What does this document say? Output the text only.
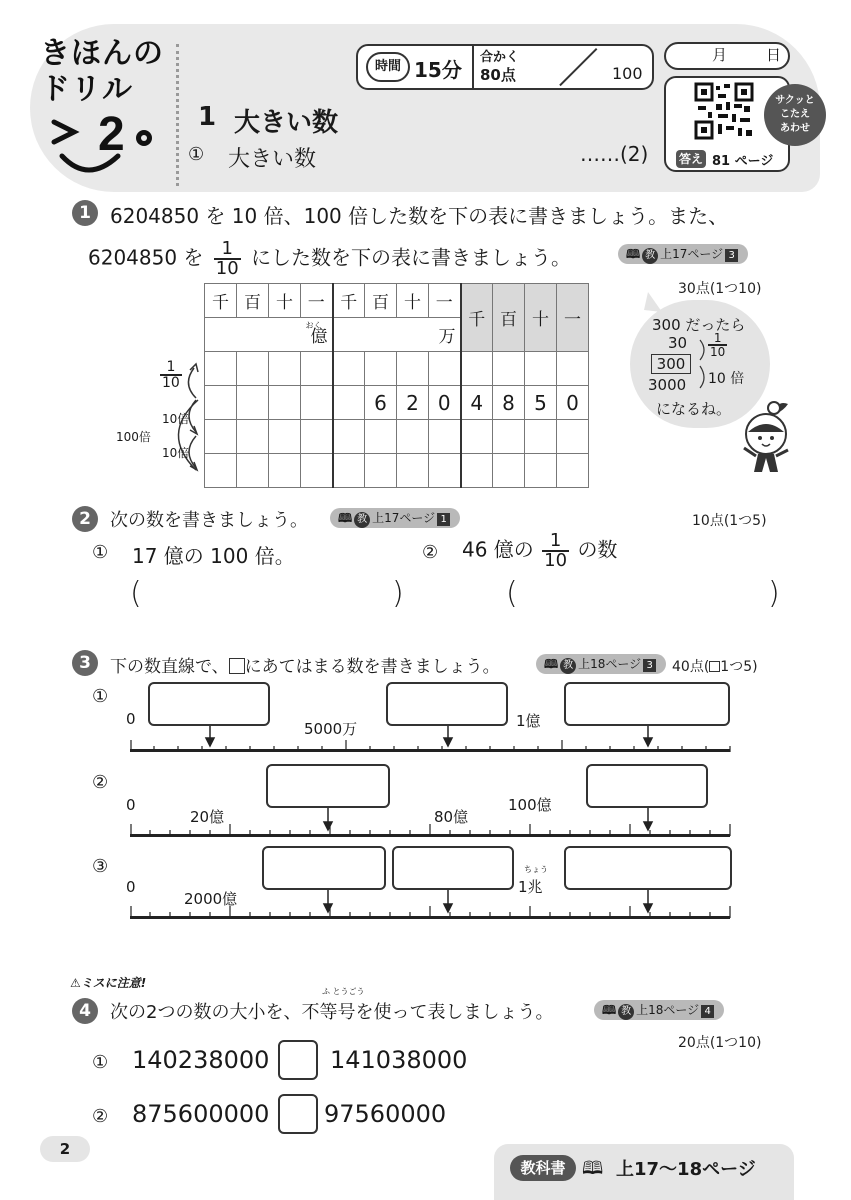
きほんの
ドリル
2	1 大きい数
① 大きい数	……(2)
時間 15分
合かく
80点	100
月	日
サクッと
こたえ
あわせ
答え 81 ページ
1 6204850 を 10 倍、100 倍した数を下の表に書きましょう。また、
6204850 を $\frac{1}{10}$ にした数を下の表に書きましょう。	🕮 教 上17ページ 3
30点(1つ10)
千	百	十	一	千	百	十	一	千	百	十	一

おく
億				万							

					6	2	0	4	8	5	0

$\frac{1}{10}$
10倍
10倍
100倍
300 だったら
$30 \frac{1}{10}$
300
3000 10 倍
になるね。
2	次の数を書きましょう。	🕮 教 上17ページ 1	10点(1つ5)
① 17 億の 100 倍。	② 46 億の $\frac{1}{10}$ の数
(	)	(	)
3	下の数直線で、 にあてはまる数を書きましょう。	🕮 教 上18ページ 3	40点( 1つ5)
①
0
5000万	1億
②
0
20億	80億
100億
③
0
2000億
ちょう
1兆
⚠ミスに注意!
4
ふ とうごう
次の2つの数の大小を、不等号を使って表しましょう。	🕮 教 上18ページ 4
20点(1つ10)
① 140238000	141038000
② 875600000 97560000
2
教科書 🕮 上17〜18ページ
